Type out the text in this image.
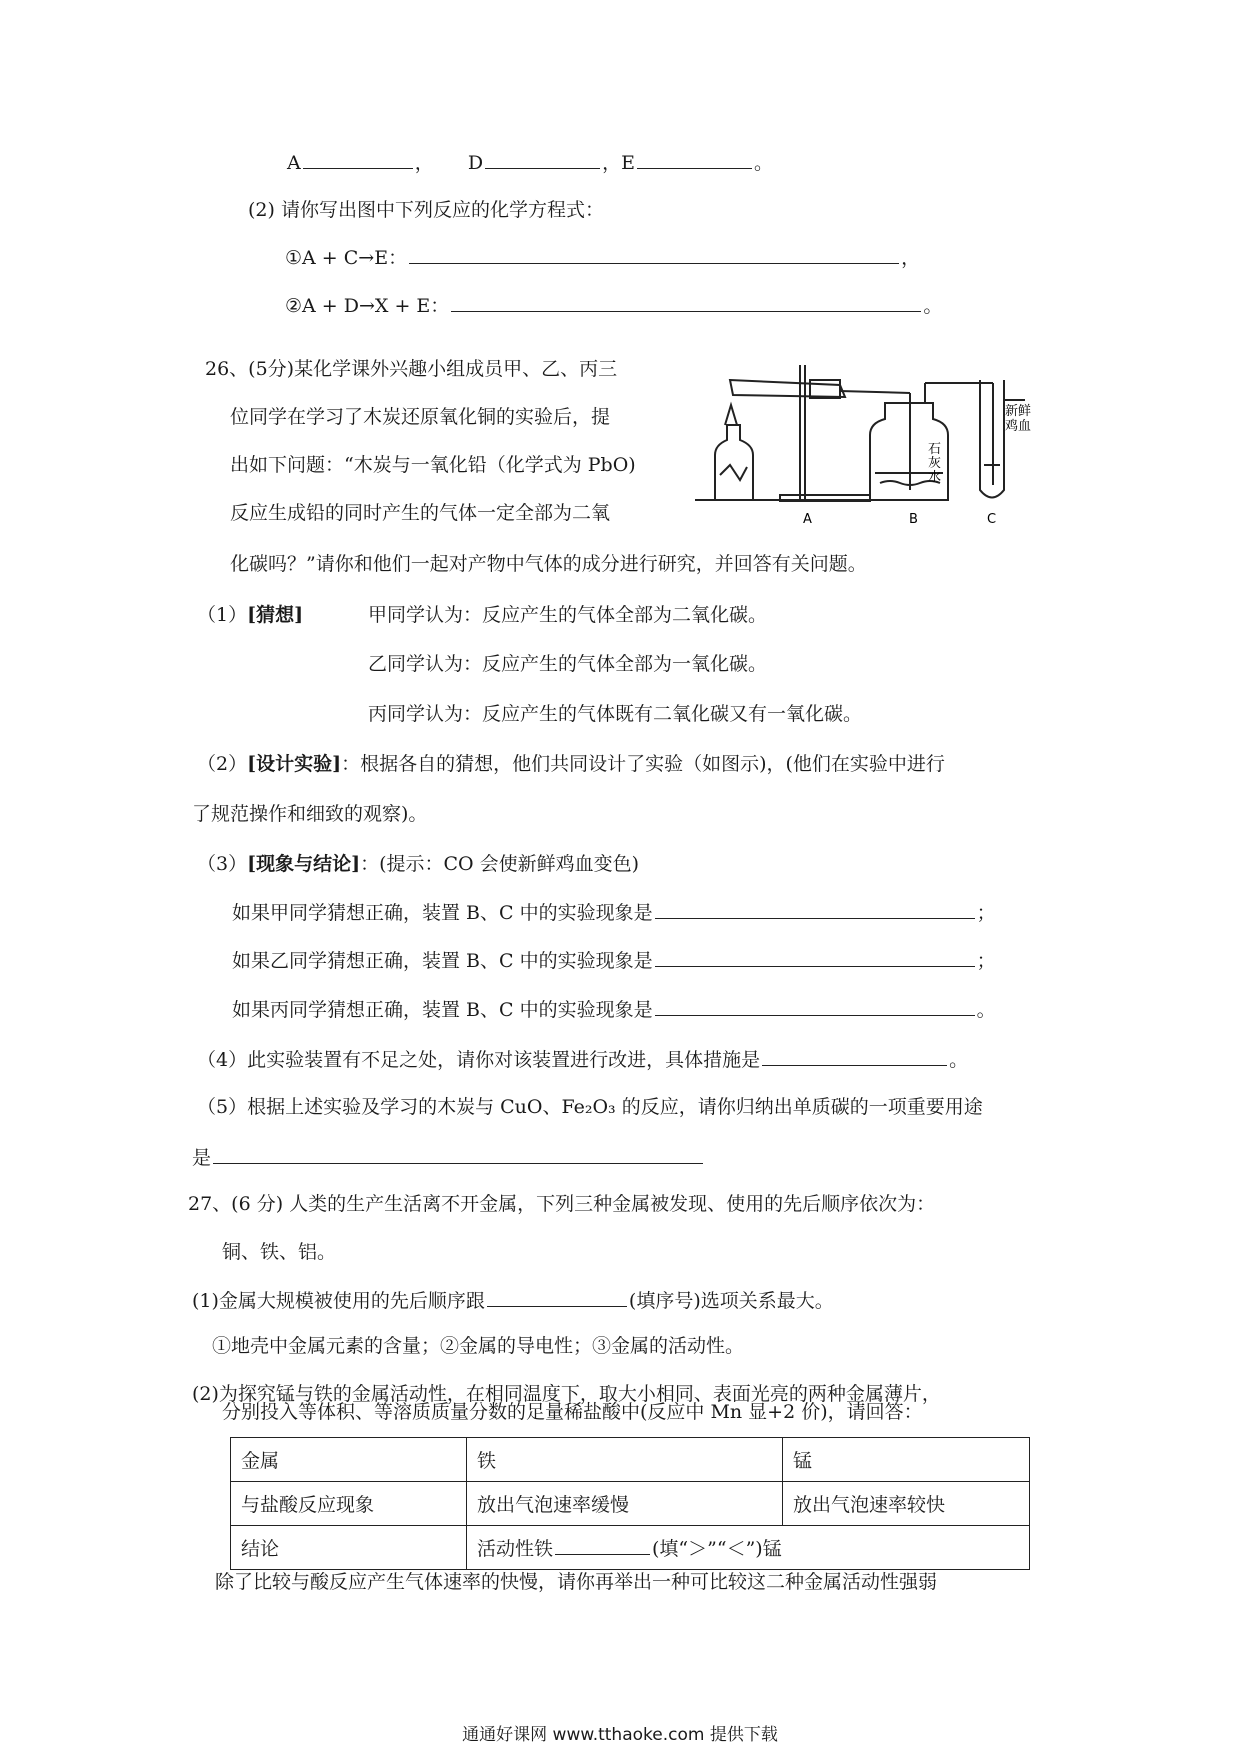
A	， D	，E	。
(2) 请你写出图中下列反应的化学方程式：
①A + C→E：	，
②A + D→X + E：	。
26、(5分)某化学课外兴趣小组成员甲、乙、丙三
位同学在学习了木炭还原氧化铜的实验后，提
出如下问题：“木炭与一氧化铅（化学式为 PbO)
反应生成铅的同时产生的气体一定全部为二氧
化碳吗？”请你和他们一起对产物中气体的成分进行研究，并回答有关问题。
石
灰
水
新鲜
鸡血
A	B	C
（1）[猜想]	甲同学认为：反应产生的气体全部为二氧化碳。
乙同学认为：反应产生的气体全部为一氧化碳。
丙同学认为：反应产生的气体既有二氧化碳又有一氧化碳。
（2）[设计实验]：根据各自的猜想，他们共同设计了实验（如图示)，(他们在实验中进行
了规范操作和细致的观察)。
（3）[现象与结论]：(提示：CO 会使新鲜鸡血变色)
如果甲同学猜想正确，装置 B、C 中的实验现象是	；
如果乙同学猜想正确，装置 B、C 中的实验现象是	；
如果丙同学猜想正确，装置 B、C 中的实验现象是	。
（4）此实验装置有不足之处，请你对该装置进行改进，具体措施是	。
（5）根据上述实验及学习的木炭与 CuO、Fe₂O₃ 的反应，请你归纳出单质碳的一项重要用途
是
27、(6 分) 人类的生产生活离不开金属，下列三种金属被发现、使用的先后顺序依次为：
铜、铁、铝。
(1)金属大规模被使用的先后顺序跟	(填序号)选项关系最大。
①地壳中金属元素的含量；②金属的导电性；③金属的活动性。
(2)为探究锰与铁的金属活动性，在相同温度下，取大小相同、表面光亮的两种金属薄片，
分别投入等体积、等溶质质量分数的足量稀盐酸中(反应中 Mn 显+2 价)，请回答：
金属	铁	锰
与盐酸反应现象	放出气泡速率缓慢	放出气泡速率较快
结论	活动性铁 (填“＞”“＜”)锰	
除了比较与酸反应产生气体速率的快慢，请你再举出一种可比较这二种金属活动性强弱
通通好课网 www.tthaoke.com 提供下载
